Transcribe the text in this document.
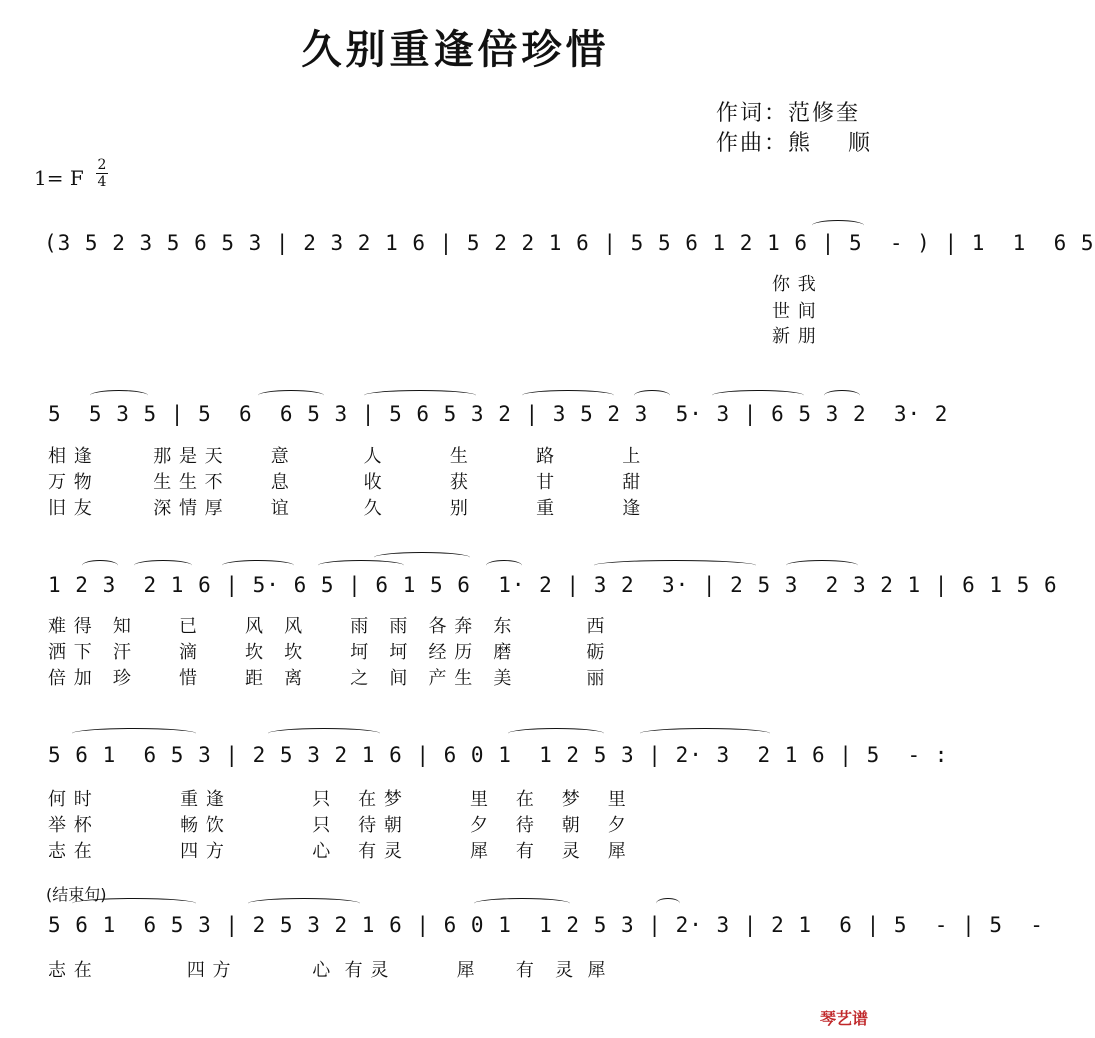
久别重逢倍珍惜
作词：范修奎
作曲：熊    顺
1= F
2
4
(3 5 2 3 5 6 5 3 | 2 3 2 1 6 | 5 2 2 1 6 | 5 5 6 1 2 1 6 | 5  - ) | 1  1  6 5
你 我
世 间
新 朋
5  5 3 5 | 5  6  6 5 3 | 5 6 5 3 2 | 3 5 2 3  5· 3 | 6 5 3 2  3· 2
相 逢         那 是 天       意           人          生          路          上
万 物         生 生 不       息           收          获          甘          甜
旧 友         深 情 厚       谊           久          别          重          逢
1 2 3  2 1 6 | 5· 6 5 | 6 1 5 6  1· 2 | 3 2  3· | 2 5 3  2 3 2 1 | 6 1 5 6
难 得   知       已       风   风       雨   雨   各 奔   东           西
洒 下   汗       滴       坎   坎       坷   坷   经 历   磨           砺
倍 加   珍       惜       距   离       之   间   产 生   美           丽
5 6 1  6 5 3 | 2 5 3 2 1 6 | 6 0 1  1 2 5 3 | 2· 3  2 1 6 | 5  - :
何 时             重 逢             只    在 梦          里    在    梦    里
举 杯             畅 饮             只    待 朝          夕    待    朝    夕
志 在             四 方             心    有 灵          犀    有    灵    犀
(结束句)
5 6 1  6 5 3 | 2 5 3 2 1 6 | 6 0 1  1 2 5 3 | 2· 3 | 2 1  6 | 5  - | 5  -
志 在              四 方            心  有 灵          犀      有   灵  犀
琴艺谱
